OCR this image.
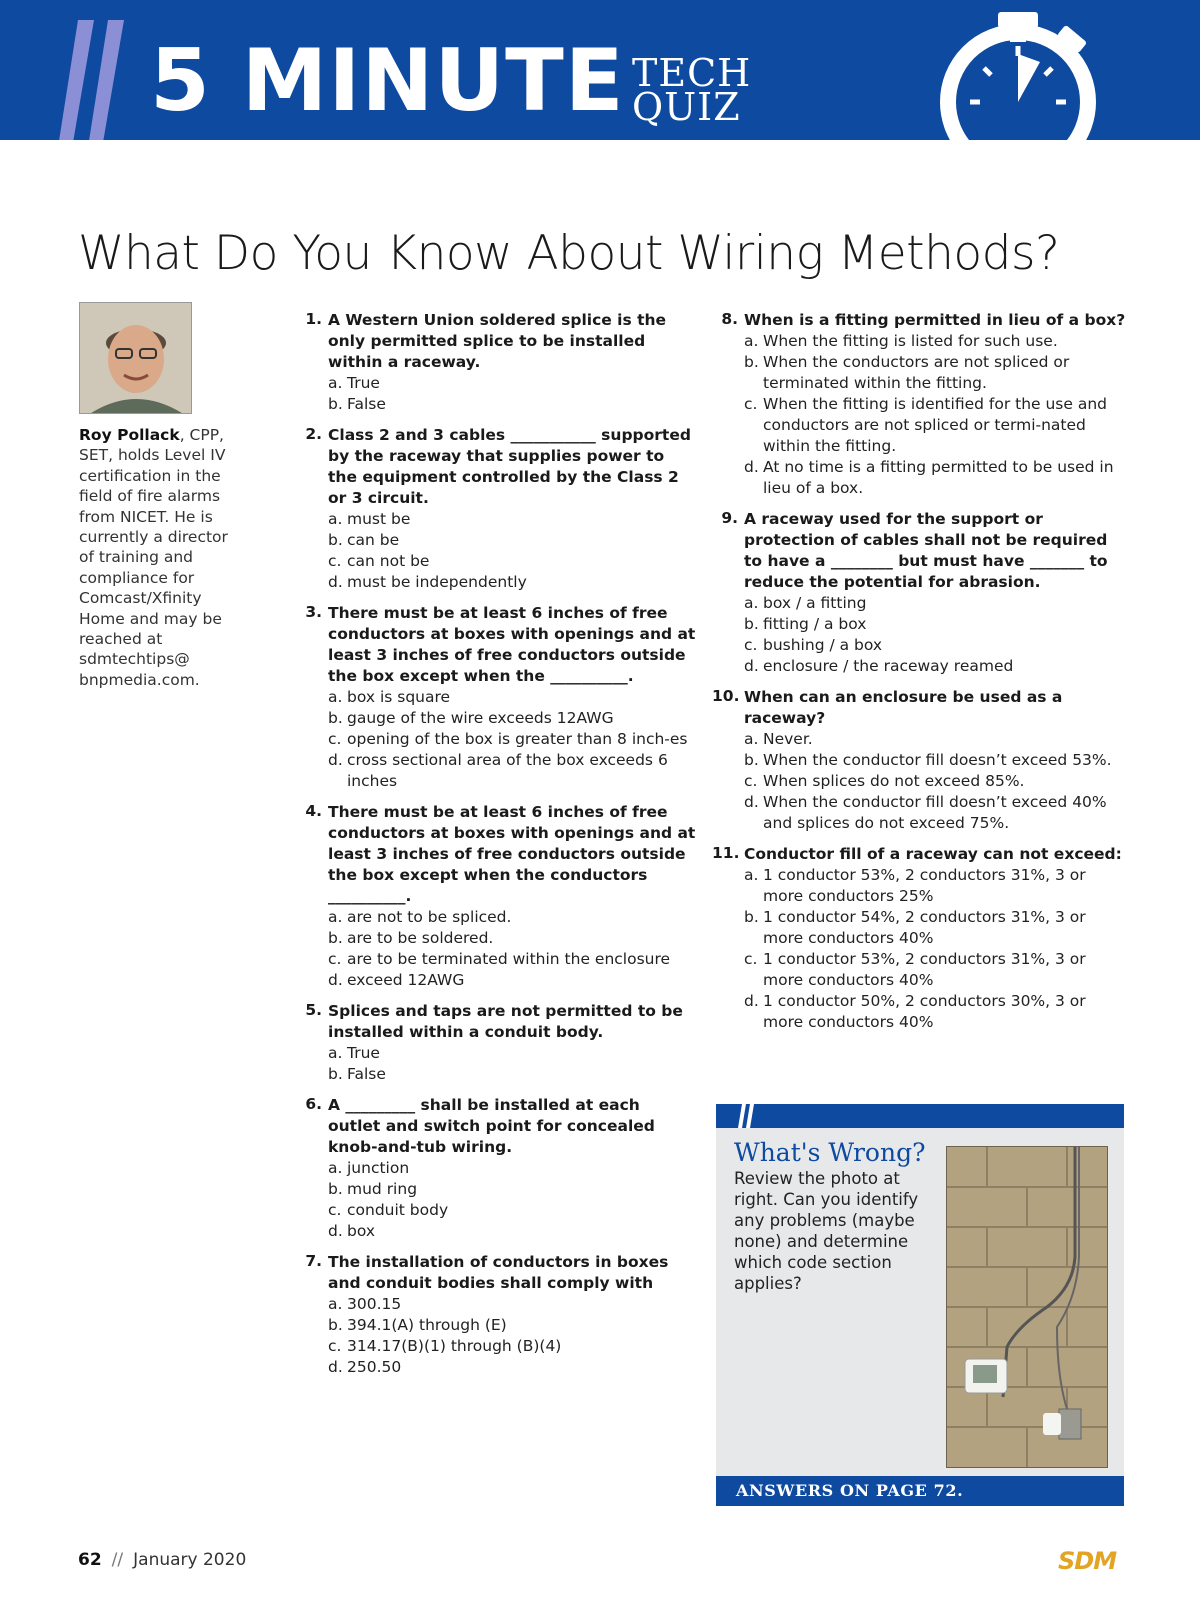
5 MINUTE TECH
QUIZ
What Do You Know About Wiring Methods?
Roy Pollack, CPP, SET, holds Level IV certification in the field of fire alarms from NICET. He is currently a director of training and compliance for Comcast/Xfinity Home and may be reached at sdmtechtips@ bnpmedia.com.
1. A Western Union soldered splice is the only permitted splice to be installed within a raceway.
a. True
b. False
2. Class 2 and 3 cables ___________ supported by the raceway that supplies power to the equipment controlled by the Class 2 or 3 circuit.
a. must be
b. can be
c. can not be
d. must be independently
3. There must be at least 6 inches of free conductors at boxes with openings and at least 3 inches of free conductors outside the box except when the __________.
a. box is square
b. gauge of the wire exceeds 12AWG
c. opening of the box is greater than 8 inch-es
d. cross sectional area of the box exceeds 6 inches
4. There must be at least 6 inches of free conductors at boxes with openings and at least 3 inches of free conductors outside the box except when the conductors __________.
a. are not to be spliced.
b. are to be soldered.
c. are to be terminated within the enclosure
d. exceed 12AWG
5. Splices and taps are not permitted to be installed within a conduit body.
a. True
b. False
6. A _________ shall be installed at each outlet and switch point for concealed knob-and-tub wiring.
a. junction
b. mud ring
c. conduit body
d. box
7. The installation of conductors in boxes and conduit bodies shall comply with
a. 300.15
b. 394.1(A) through (E)
c. 314.17(B)(1) through (B)(4)
d. 250.50
8. When is a fitting permitted in lieu of a box?
a. When the fitting is listed for such use.
b. When the conductors are not spliced or terminated within the fitting.
c. When the fitting is identified for the use and conductors are not spliced or termi-nated within the fitting.
d. At no time is a fitting permitted to be used in lieu of a box.
9. A raceway used for the support or protection of cables shall not be required to have a ________ but must have _______ to reduce the potential for abrasion.
a. box / a fitting
b. fitting / a box
c. bushing / a box
d. enclosure / the raceway reamed
10. When can an enclosure be used as a raceway?
a. Never.
b. When the conductor fill doesn’t exceed 53%.
c. When splices do not exceed 85%.
d. When the conductor fill doesn’t exceed 40% and splices do not exceed 75%.
11. Conductor fill of a raceway can not exceed:
a. 1 conductor 53%, 2 conductors 31%, 3 or more conductors 25%
b. 1 conductor 54%, 2 conductors 31%, 3 or more conductors 40%
c. 1 conductor 53%, 2 conductors 31%, 3 or more conductors 40%
d. 1 conductor 50%, 2 conductors 30%, 3 or more conductors 40%
What's Wrong?
Review the photo at right. Can you identify any problems (maybe none) and determine which code section applies?
ANSWERS ON PAGE 72.
62 // January 2020	SDM
